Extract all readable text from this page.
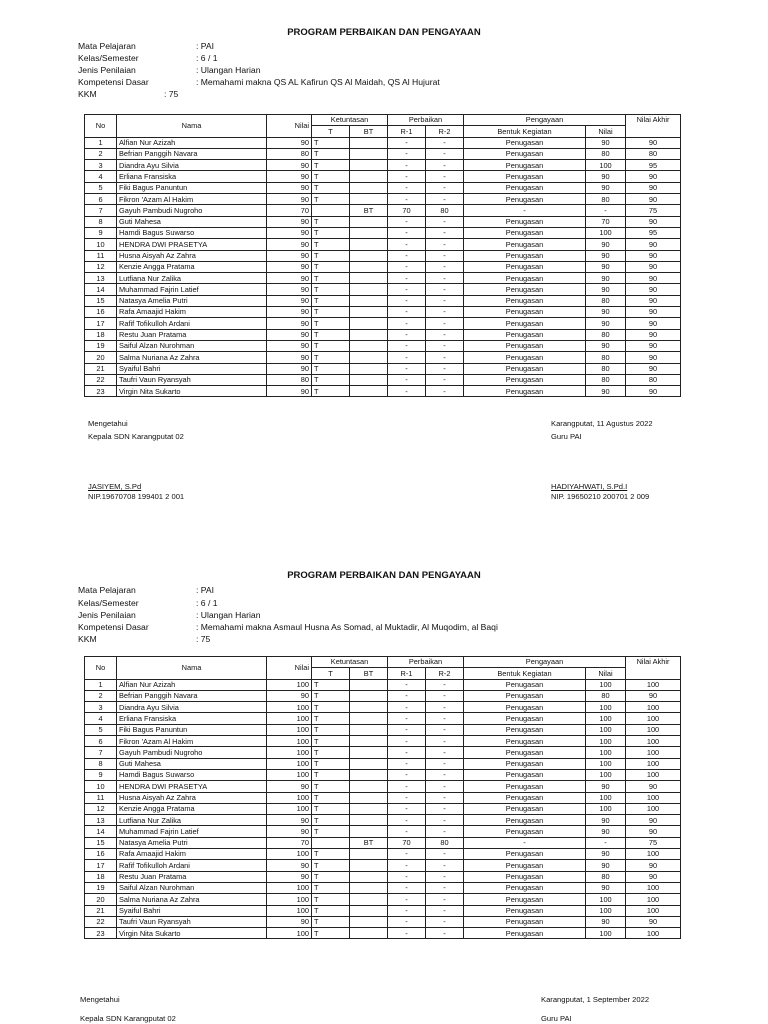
PROGRAM PERBAIKAN DAN PENGAYAAN
Mata Pelajaran	: PAI
Kelas/Semester	: 6 / 1
Jenis Penilaian	: Ulangan Harian
Kompetensi Dasar	: Memahami makna QS AL Kafirun QS Al Maidah, QS Al Hujurat
KKM	: 75
No	Nama	Nilai	Ketuntasan		Perbaikan		Pengayaan		Nilai Akhir
			T	BT	R-1	R-2	Bentuk Kegiatan	Nilai	
1	Alfian Nur Azizah	90	T		-	-	Penugasan	90	90
2	Befrian Panggih Navara	80	T		-	-	Penugasan	80	80
3	Diandra Ayu Silvia	90	T		-	-	Penugasan	100	95
4	Erliana Fransiska	90	T		-	-	Penugasan	90	90
5	Fiki Bagus Panuntun	90	T		-	-	Penugasan	90	90
6	Fikron 'Azam Al Hakim	90	T		-	-	Penugasan	80	90
7	Gayuh Pambudi Nugroho	70		BT	70	80	-	-	75
8	Guti Mahesa	90	T		-	-	Penugasan	70	90
9	Hamdi Bagus Suwarso	90	T		-	-	Penugasan	100	95
10	HENDRA DWI PRASETYA	90	T		-	-	Penugasan	90	90
11	Husna Aisyah Az Zahra	90	T		-	-	Penugasan	90	90
12	Kenzie Angga Pratama	90	T		-	-	Penugasan	90	90
13	Lutfiana Nur Zalika	90	T		-	-	Penugasan	90	90
14	Muhammad Fajrin Latief	90	T		-	-	Penugasan	90	90
15	Natasya Amelia Putri	90	T		-	-	Penugasan	80	90
16	Rafa Amaajid Hakim	90	T		-	-	Penugasan	90	90
17	Rafif Tofikulloh Ardani	90	T		-	-	Penugasan	90	90
18	Restu Juan Pratama	90	T		-	-	Penugasan	80	90
19	Saiful Alzan Nurohman	90	T		-	-	Penugasan	90	90
20	Salma Nuriana Az Zahra	90	T		-	-	Penugasan	80	90
21	Syaiful Bahri	90	T		-	-	Penugasan	80	90
22	Taufri Vaun Ryansyah	80	T		-	-	Penugasan	80	80
23	Virgin Nita Sukarto	90	T		-	-	Penugasan	90	90
Mengetahui
Kepala SDN Karangputat 02
JASIYEM, S.Pd
NIP.19670708 199401 2 001
Karangputat, 11 Agustus 2022
Guru PAI
HADIYAHWATI, S.Pd.I
NIP. 19650210 200701 2 009
PROGRAM PERBAIKAN DAN PENGAYAAN
Mata Pelajaran	: PAI
Kelas/Semester	: 6 / 1
Jenis Penilaian	: Ulangan Harian
Kompetensi Dasar	: Memahami makna Asmaul Husna As Somad, al Muktadir, Al Muqodim, al Baqi
KKM	: 75
No	Nama	Nilai	Ketuntasan		Perbaikan		Pengayaan		Nilai Akhir
			T	BT	R-1	R-2	Bentuk Kegiatan	Nilai	
1	Alfian Nur Azizah	100	T		-	-	Penugasan	100	100
2	Befrian Panggih Navara	90	T		-	-	Penugasan	80	90
3	Diandra Ayu Silvia	100	T		-	-	Penugasan	100	100
4	Erliana Fransiska	100	T		-	-	Penugasan	100	100
5	Fiki Bagus Panuntun	100	T		-	-	Penugasan	100	100
6	Fikron 'Azam Al Hakim	100	T		-	-	Penugasan	100	100
7	Gayuh Pambudi Nugroho	100	T		-	-	Penugasan	100	100
8	Guti Mahesa	100	T		-	-	Penugasan	100	100
9	Hamdi Bagus Suwarso	100	T		-	-	Penugasan	100	100
10	HENDRA DWI PRASETYA	90	T		-	-	Penugasan	90	90
11	Husna Aisyah Az Zahra	100	T		-	-	Penugasan	100	100
12	Kenzie Angga Pratama	100	T		-	-	Penugasan	100	100
13	Lutfiana Nur Zalika	90	T		-	-	Penugasan	90	90
14	Muhammad Fajrin Latief	90	T		-	-	Penugasan	90	90
15	Natasya Amelia Putri	70		BT	70	80	-	-	75
16	Rafa Amaajid Hakim	100	T		-	-	Penugasan	90	100
17	Rafif Tofikulloh Ardani	90	T		-	-	Penugasan	90	90
18	Restu Juan Pratama	90	T		-	-	Penugasan	80	90
19	Saiful Alzan Nurohman	100	T		-	-	Penugasan	90	100
20	Salma Nuriana Az Zahra	100	T		-	-	Penugasan	100	100
21	Syaiful Bahri	100	T		-	-	Penugasan	100	100
22	Taufri Vaun Ryansyah	90	T		-	-	Penugasan	90	90
23	Virgin Nita Sukarto	100	T		-	-	Penugasan	100	100
Mengetahui
Kepala SDN Karangputat 02
Karangputat, 1 September 2022
Guru PAI
